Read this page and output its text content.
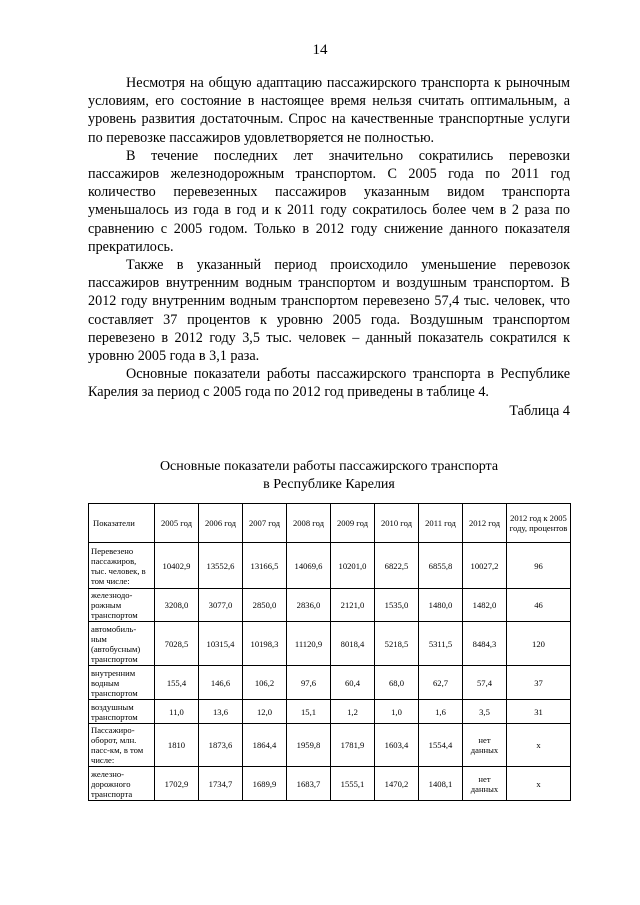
14

Несмотря на общую адаптацию пассажирского транспорта к рыночным условиям, его состояние в настоящее время нельзя считать оптимальным, а уровень развития достаточным. Спрос на качественные транспортные услуги по перевозке пассажиров удовлетворяется не полностью.

В течение последних лет значительно сократились перевозки пассажиров железнодорожным транспортом. С 2005 года по 2011 год количество перевезенных пассажиров указанным видом транспорта уменьшалось из года в год и к 2011 году сократилось более чем в 2 раза по сравнению с 2005 годом. Только в 2012 году снижение данного показателя прекратилось.

Также в указанный период происходило уменьшение перевозок пассажиров внутренним водным транспортом и воздушным транспортом. В 2012 году внутренним водным транспортом перевезено 57,4 тыс. человек, что составляет 37 процентов к уровню 2005 года. Воздушным транспортом перевезено в 2012 году 3,5 тыс. человек – данный показатель сократился к уровню 2005 года в 3,1 раза.

Основные показатели работы пассажирского транспорта в Республике Карелия за период с 2005 года по 2012 год приведены в таблице 4.

Таблица 4

Основные показатели работы пассажирского транспорта
в Республике Карелия
Показатели	2005 год	2006 год	2007 год	2008 год	2009 год	2010 год	2011 год	2012 год	2012 год к 2005 году, процентов
Перевезено пассажиров, тыс. человек, в том числе:	10402,9	13552,6	13166,5	14069,6	10201,0	6822,5	6855,8	10027,2	96
железнодо-рожным транспортом	3208,0	3077,0	2850,0	2836,0	2121,0	1535,0	1480,0	1482,0	46
автомобиль-ным (автобусным) транспортом	7028,5	10315,4	10198,3	11120,9	8018,4	5218,5	5311,5	8484,3	120
внутренним водным транспортом	155,4	146,6	106,2	97,6	60,4	68,0	62,7	57,4	37
воздушным транспортом	11,0	13,6	12,0	15,1	1,2	1,0	1,6	3,5	31
Пассажиро-оборот, млн. пасс-км, в том числе:	1810	1873,6	1864,4	1959,8	1781,9	1603,4	1554,4	нет данных	х
железно-дорожного транспорта	1702,9	1734,7	1689,9	1683,7	1555,1	1470,2	1408,1	нет данных	х
